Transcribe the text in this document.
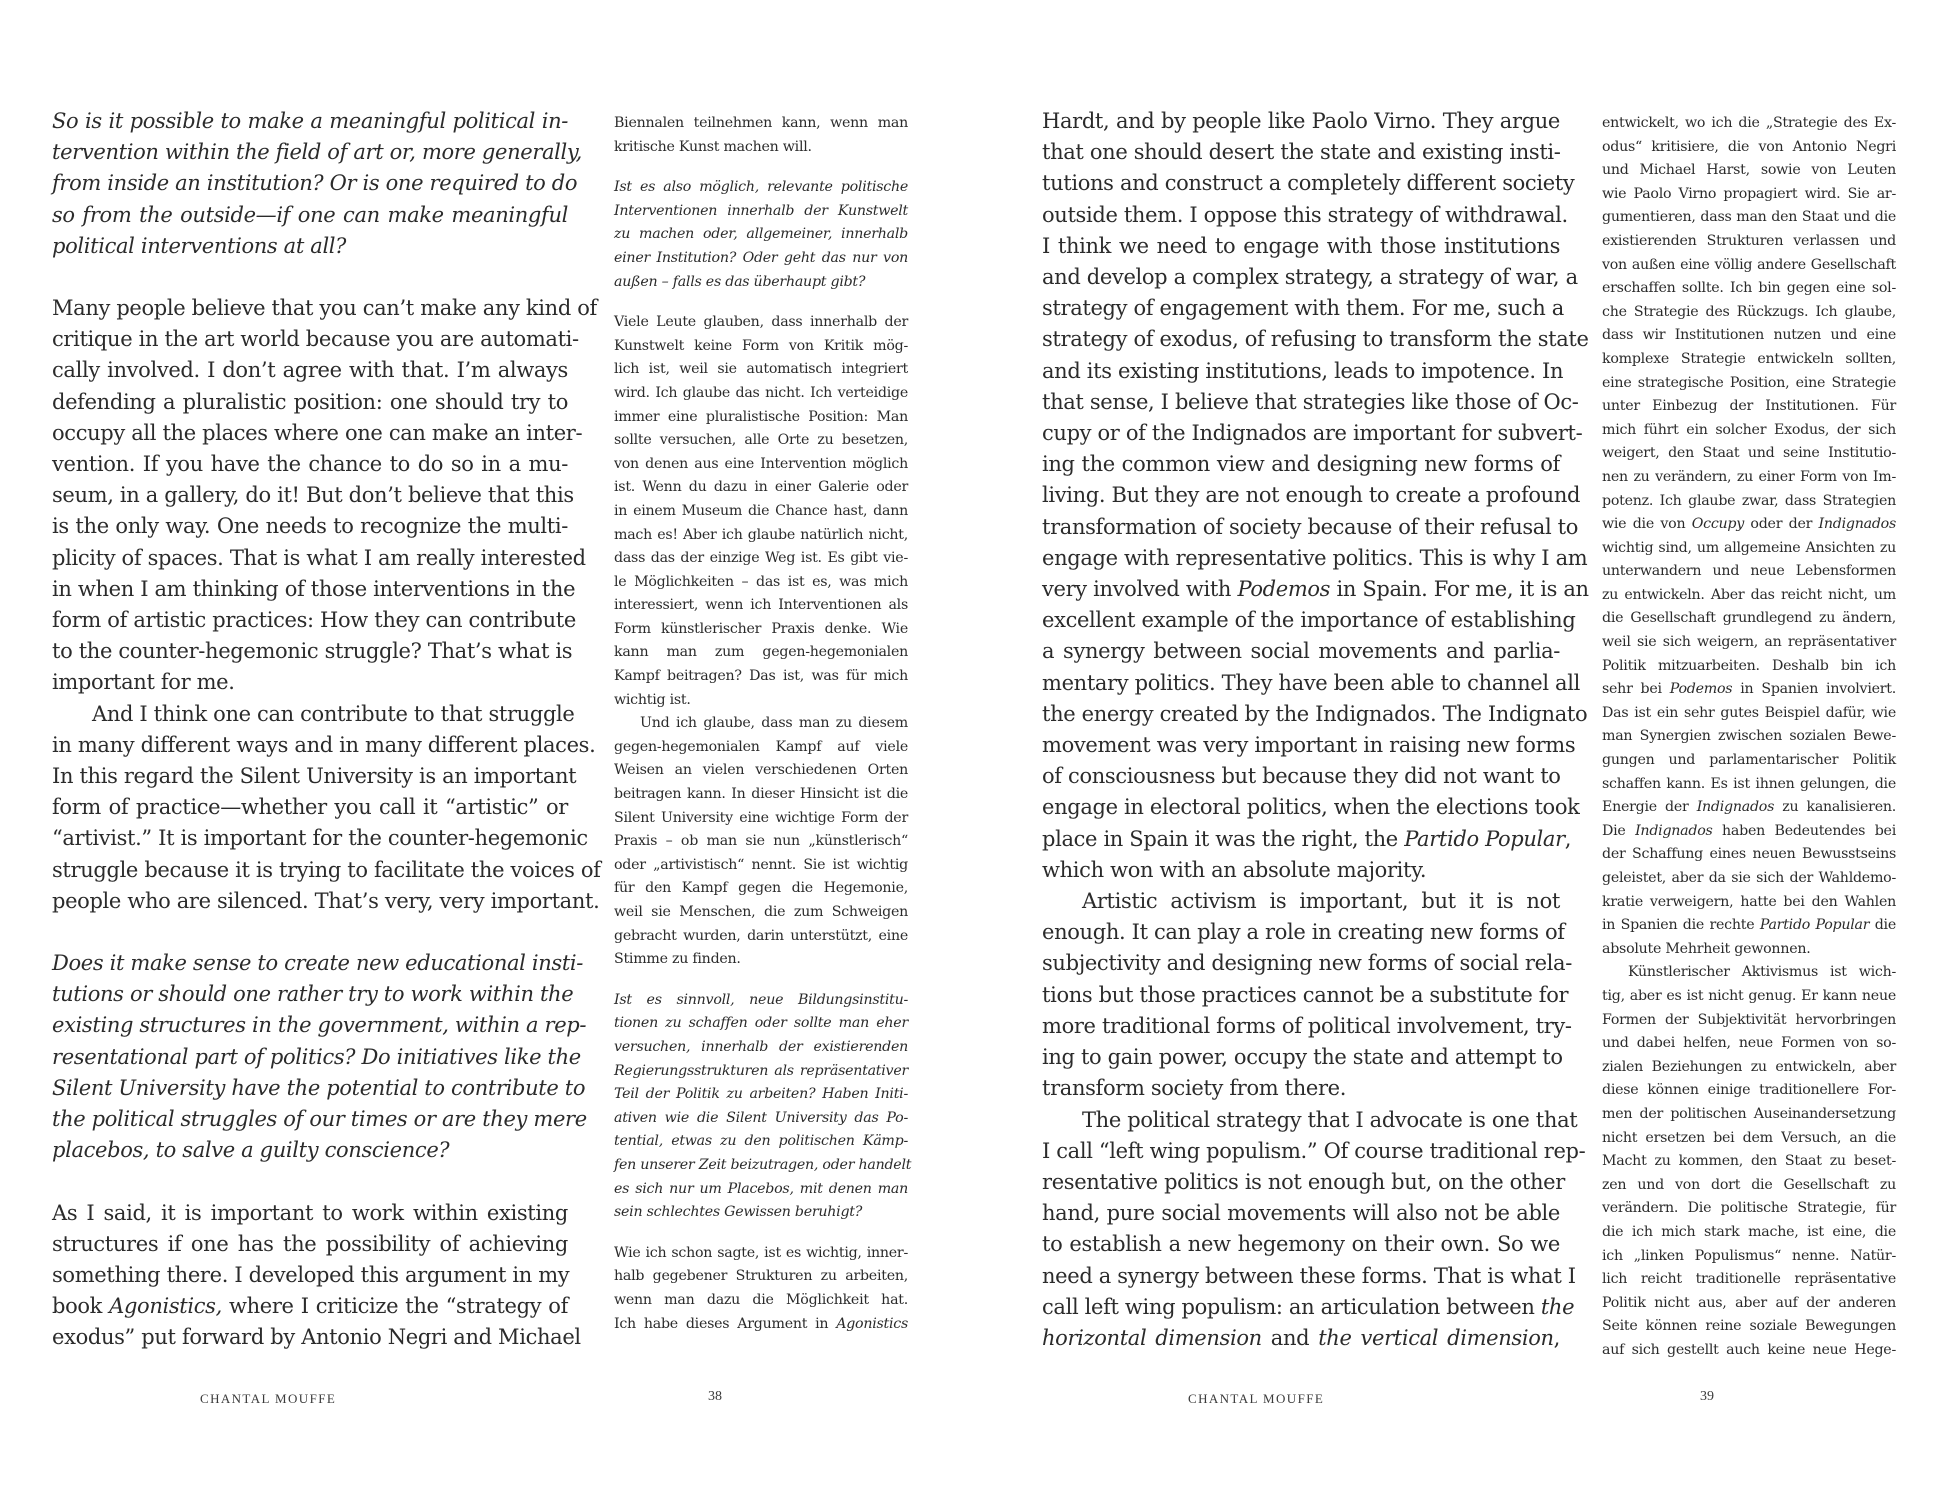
So is it possible to make a meaningful political in-
tervention within the field of art or, more generally,
from inside an institution? Or is one required to do
so from the outside—if one can make meaningful
political interventions at all?
Many people believe that you can’t make any kind of
critique in the art world because you are automati-
cally involved. I don’t agree with that. I’m always
defending a pluralistic position: one should try to
occupy all the places where one can make an inter-
vention. If you have the chance to do so in a mu-
seum, in a gallery, do it! But don’t believe that this
is the only way. One needs to recognize the multi-
plicity of spaces. That is what I am really interested
in when I am thinking of those interventions in the
form of artistic practices: How they can contribute
to the counter-hegemonic struggle? That’s what is
important for me.
And I think one can contribute to that struggle
in many different ways and in many different places.
In this regard the Silent University is an important
form of practice—whether you call it “artistic” or
“artivist.” It is important for the counter-hegemonic
struggle because it is trying to facilitate the voices of
people who are silenced. That’s very, very important.
Does it make sense to create new educational insti-
tutions or should one rather try to work within the
existing structures in the government, within a rep-
resentational part of politics? Do initiatives like the
Silent University have the potential to contribute to
the political struggles of our times or are they mere
placebos, to salve a guilty conscience?
As I said, it is important to work within existing
structures if one has the possibility of achieving
something there. I developed this argument in my
book Agonistics, where I criticize the “strategy of
exodus” put forward by Antonio Negri and Michael
Biennalen teilnehmen kann, wenn man
kritische Kunst machen will.
Ist es also möglich, relevante politische
Interventionen innerhalb der Kunstwelt
zu machen oder, allgemeiner, innerhalb
einer Institution? Oder geht das nur von
außen – falls es das überhaupt gibt?
Viele Leute glauben, dass innerhalb der
Kunstwelt keine Form von Kritik mög-
lich ist, weil sie automatisch integriert
wird. Ich glaube das nicht. Ich verteidige
immer eine pluralistische Position: Man
sollte versuchen, alle Orte zu besetzen,
von denen aus eine Intervention möglich
ist. Wenn du dazu in einer Galerie oder
in einem Museum die Chance hast, dann
mach es! Aber ich glaube natürlich nicht,
dass das der einzige Weg ist. Es gibt vie-
le Möglichkeiten – das ist es, was mich
interessiert, wenn ich Interventionen als
Form künstlerischer Praxis denke. Wie
kann man zum gegen-hegemonialen
Kampf beitragen? Das ist, was für mich
wichtig ist.
Und ich glaube, dass man zu diesem
gegen-hegemonialen Kampf auf viele
Weisen an vielen verschiedenen Orten
beitragen kann. In dieser Hinsicht ist die
Silent University eine wichtige Form der
Praxis – ob man sie nun „künstlerisch“
oder „artivistisch“ nennt. Sie ist wichtig
für den Kampf gegen die Hegemonie,
weil sie Menschen, die zum Schweigen
gebracht wurden, darin unterstützt, eine
Stimme zu finden.
Ist es sinnvoll, neue Bildungsinstitu-
tionen zu schaffen oder sollte man eher
versuchen, innerhalb der existierenden
Regierungsstrukturen als repräsentativer
Teil der Politik zu arbeiten? Haben Initi-
ativen wie die Silent University das Po-
tential, etwas zu den politischen Kämp-
fen unserer Zeit beizutragen, oder handelt
es sich nur um Placebos, mit denen man
sein schlechtes Gewissen beruhigt?
Wie ich schon sagte, ist es wichtig, inner-
halb gegebener Strukturen zu arbeiten,
wenn man dazu die Möglichkeit hat.
Ich habe dieses Argument in Agonistics
CHANTAL MOUFFE	38
Hardt, and by people like Paolo Virno. They argue
that one should desert the state and existing insti-
tutions and construct a completely different society
outside them. I oppose this strategy of withdrawal.
I think we need to engage with those institutions
and develop a complex strategy, a strategy of war, a
strategy of engagement with them. For me, such a
strategy of exodus, of refusing to transform the state
and its existing institutions, leads to impotence. In
that sense, I believe that strategies like those of Oc-
cupy or of the Indignados are important for subvert-
ing the common view and designing new forms of
living. But they are not enough to create a profound
transformation of society because of their refusal to
engage with representative politics. This is why I am
very involved with Podemos in Spain. For me, it is an
excellent example of the importance of establishing
a synergy between social movements and parlia-
mentary politics. They have been able to channel all
the energy created by the Indignados. The Indignato
movement was very important in raising new forms
of consciousness but because they did not want to
engage in electoral politics, when the elections took
place in Spain it was the right, the Partido Popular,
which won with an absolute majority.
Artistic activism is important, but it is not
enough. It can play a role in creating new forms of
subjectivity and designing new forms of social rela-
tions but those practices cannot be a substitute for
more traditional forms of political involvement, try-
ing to gain power, occupy the state and attempt to
transform society from there.
The political strategy that I advocate is one that
I call “left wing populism.” Of course traditional rep-
resentative politics is not enough but, on the other
hand, pure social movements will also not be able
to establish a new hegemony on their own. So we
need a synergy between these forms. That is what I
call left wing populism: an articulation between the
horizontal dimension and the vertical dimension,
entwickelt, wo ich die „Strategie des Ex-
odus“ kritisiere, die von Antonio Negri
und Michael Harst, sowie von Leuten
wie Paolo Virno propagiert wird. Sie ar-
gumentieren, dass man den Staat und die
existierenden Strukturen verlassen und
von außen eine völlig andere Gesellschaft
erschaffen sollte. Ich bin gegen eine sol-
che Strategie des Rückzugs. Ich glaube,
dass wir Institutionen nutzen und eine
komplexe Strategie entwickeln sollten,
eine strategische Position, eine Strategie
unter Einbezug der Institutionen. Für
mich führt ein solcher Exodus, der sich
weigert, den Staat und seine Institutio-
nen zu verändern, zu einer Form von Im-
potenz. Ich glaube zwar, dass Strategien
wie die von Occupy oder der Indignados
wichtig sind, um allgemeine Ansichten zu
unterwandern und neue Lebensformen
zu entwickeln. Aber das reicht nicht, um
die Gesellschaft grundlegend zu ändern,
weil sie sich weigern, an repräsentativer
Politik mitzuarbeiten. Deshalb bin ich
sehr bei Podemos in Spanien involviert.
Das ist ein sehr gutes Beispiel dafür, wie
man Synergien zwischen sozialen Bewe-
gungen und parlamentarischer Politik
schaffen kann. Es ist ihnen gelungen, die
Energie der Indignados zu kanalisieren.
Die Indignados haben Bedeutendes bei
der Schaffung eines neuen Bewusstseins
geleistet, aber da sie sich der Wahldemo-
kratie verweigern, hatte bei den Wahlen
in Spanien die rechte Partido Popular die
absolute Mehrheit gewonnen.
Künstlerischer Aktivismus ist wich-
tig, aber es ist nicht genug. Er kann neue
Formen der Subjektivität hervorbringen
und dabei helfen, neue Formen von so-
zialen Beziehungen zu entwickeln, aber
diese können einige traditionellere For-
men der politischen Auseinandersetzung
nicht ersetzen bei dem Versuch, an die
Macht zu kommen, den Staat zu beset-
zen und von dort die Gesellschaft zu
verändern. Die politische Strategie, für
die ich mich stark mache, ist eine, die
ich „linken Populismus“ nenne. Natür-
lich reicht traditionelle repräsentative
Politik nicht aus, aber auf der anderen
Seite können reine soziale Bewegungen
auf sich gestellt auch keine neue Hege-
CHANTAL MOUFFE	39
